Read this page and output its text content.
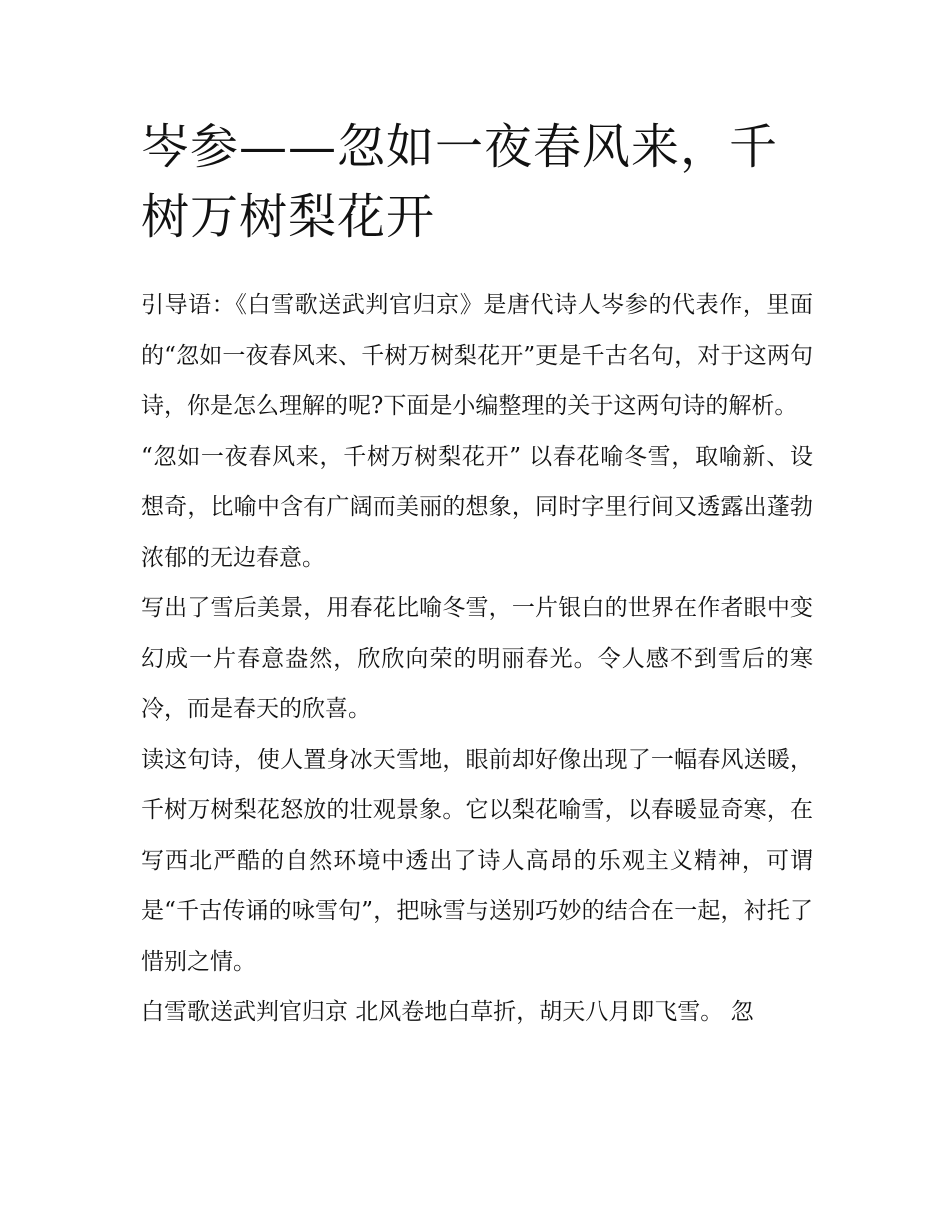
岑参——忽如一夜春风来，千树万树梨花开

引导语：《白雪歌送武判官归京》是唐代诗人岑参的代表作，里面的“忽如一夜春风来、千树万树梨花开”更是千古名句，对于这两句诗，你是怎么理解的呢?下面是小编整理的关于这两句诗的解析。

“忽如一夜春风来，千树万树梨花开” 以春花喻冬雪，取喻新、设想奇，比喻中含有广阔而美丽的想象，同时字里行间又透露出蓬勃浓郁的无边春意。

写出了雪后美景，用春花比喻冬雪，一片银白的世界在作者眼中变幻成一片春意盎然，欣欣向荣的明丽春光。令人感不到雪后的寒冷，而是春天的欣喜。

读这句诗，使人置身冰天雪地，眼前却好像出现了一幅春风送暖，千树万树梨花怒放的壮观景象。它以梨花喻雪，以春暖显奇寒，在写西北严酷的自然环境中透出了诗人高昂的乐观主义精神，可谓是“千古传诵的咏雪句”，把咏雪与送别巧妙的结合在一起，衬托了惜别之情。

白雪歌送武判官归京 北风卷地白草折，胡天八月即飞雪。 忽
